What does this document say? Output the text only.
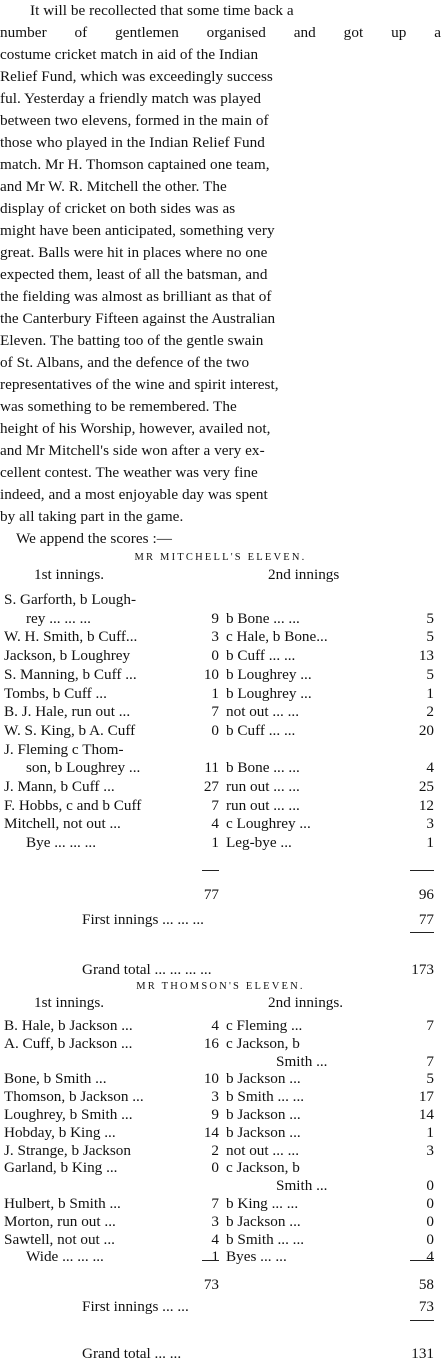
It will be recollected that some time back a
number of gentlemen organised and got up a
costume cricket match in aid of the Indian
Relief Fund, which was exceedingly success
ful. Yesterday a friendly match was played
between two elevens, formed in the main of
those who played in the Indian Relief Fund
match. Mr H. Thomson captained one team,
and Mr W. R. Mitchell the other. The
display of cricket on both sides was as
might have been anticipated, something very
great. Balls were hit in places where no one
expected them, least of all the batsman, and
the fielding was almost as brilliant as that of
the Canterbury Fifteen against the Australian
Eleven. The batting too of the gentle swain
of St. Albans, and the defence of the two
representatives of the wine and spirit interest,
was something to be remembered. The
height of his Worship, however, availed not,
and Mr Mitchell's side won after a very ex-
cellent contest. The weather was very fine
indeed, and a most enjoyable day was spent
by all taking part in the game.
We append the scores :—
MR MITCHELL'S ELEVEN.
1st innings.	2nd innings
S. Garforth, b Lough-
rey ... ... ...	9 b Bone ... ...	5
W. H. Smith, b Cuff...	3 c Hale, b Bone...	5
Jackson, b Loughrey	0 b Cuff ... ...	13
S. Manning, b Cuff ...	10 b Loughrey ...	5
Tombs, b Cuff ...	1 b Loughrey ...	1
B. J. Hale, run out ...	7 not out ... ...	2
W. S. King, b A. Cuff	0 b Cuff ... ...	20
J. Fleming c Thom-
son, b Loughrey ...	11 b Bone ... ...	4
J. Mann, b Cuff ...	27 run out ... ...	25
F. Hobbs, c and b Cuff	7 run out ... ...	12
Mitchell, not out ...	4 c Loughrey ...	3
Bye ... ... ...	1 Leg-bye ...	1
77	96
First innings ... ... ...	77
Grand total ... ... ... ...	173
MR THOMSON'S ELEVEN.
1st innings.	2nd innings.
B. Hale, b Jackson ...	4 c Fleming ...	7
A. Cuff, b Jackson ...	16 c Jackson, b
Smith ...	7
Bone, b Smith ...	10 b Jackson ...	5
Thomson, b Jackson ...	3 b Smith ... ...	17
Loughrey, b Smith ...	9 b Jackson ...	14
Hobday, b King ...	14 b Jackson ...	1
J. Strange, b Jackson	2 not out ... ...	3
Garland, b King ...	0 c Jackson, b
Smith ...	0
Hulbert, b Smith ...	7 b King ... ...	0
Morton, run out ...	3 b Jackson ...	0
Sawtell, not out ...	4 b Smith ... ...	0
Wide ... ... ...	1 Byes ... ...	4
73	58
First innings ... ...	73
Grand total ... ...	131
